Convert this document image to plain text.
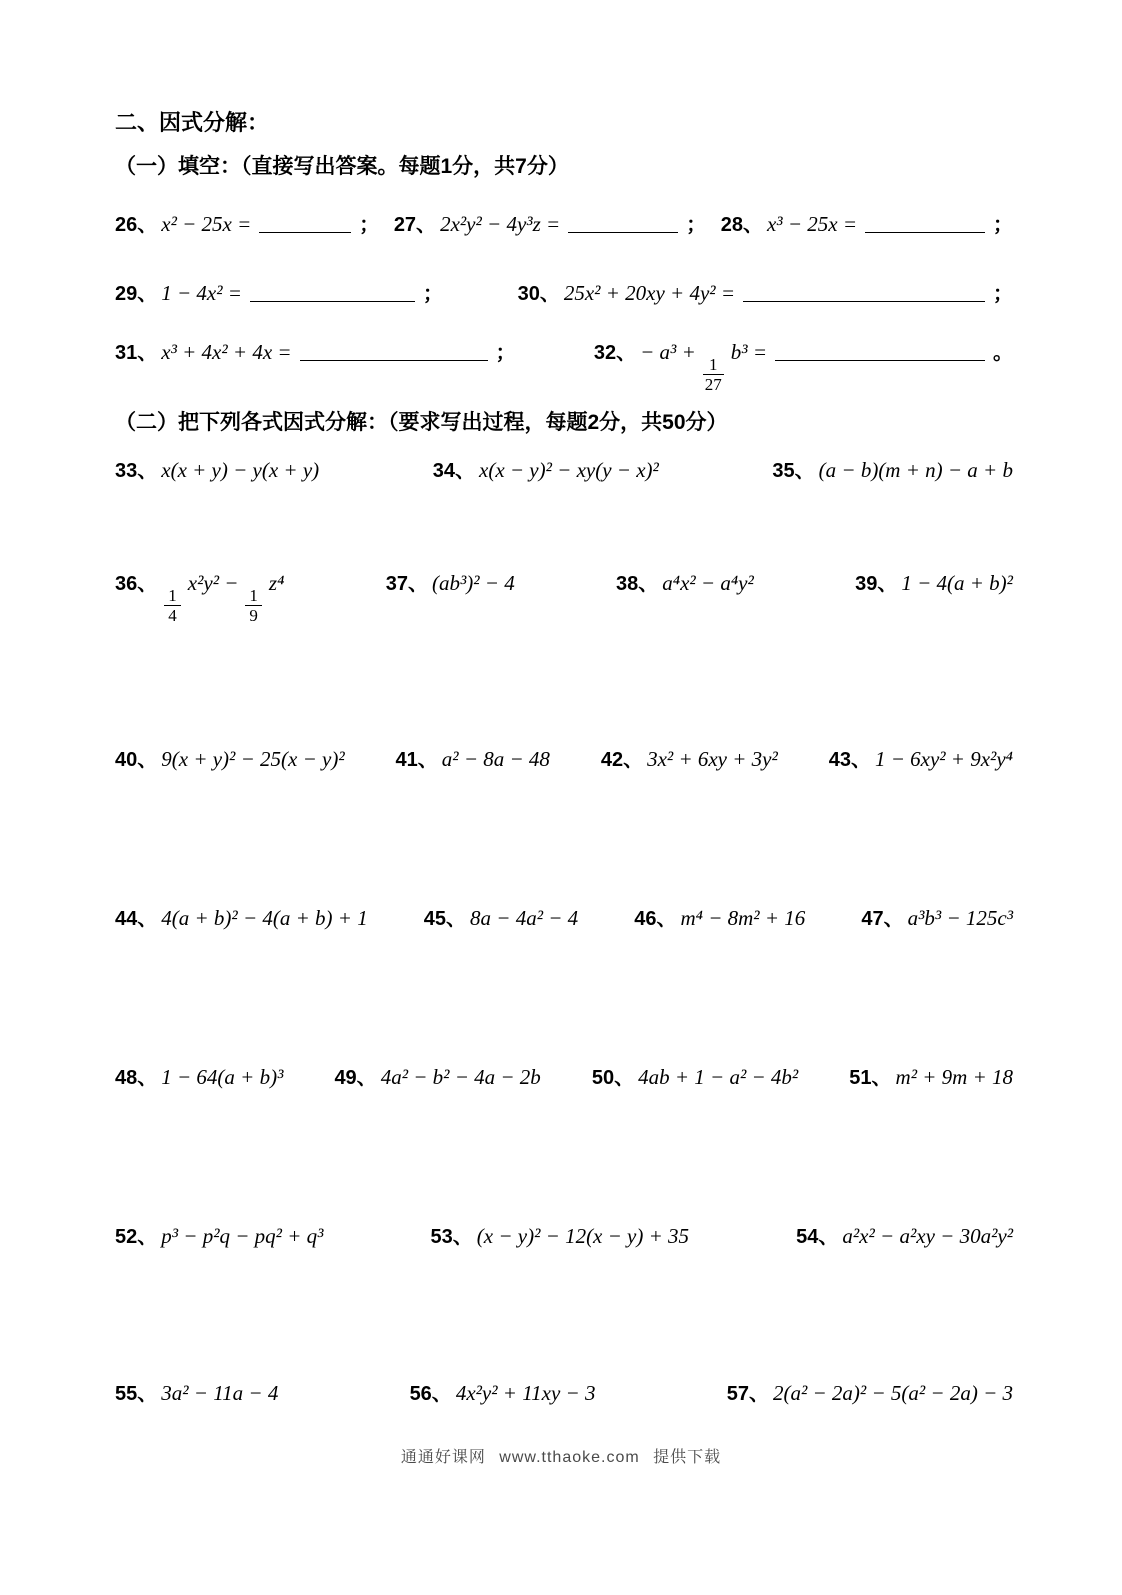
二、因式分解：
（一）填空：（直接写出答案。每题1分，共7分）
26、 x² − 25x =	； 27、 2x²y² − 4y³z =	； 28、 x³ − 25x =	；
29、 1 − 4x² =	；	30、 25x² + 20xy + 4y² =	；
31、 x³ + 4x² + 4x =	；	32、 − a³ +
$\frac{1}{27}$
b³ =	。
（二）把下列各式因式分解：（要求写出过程，每题2分，共50分）
33、 x(x + y) − y(x + y)	34、 x(x − y)² − xy(y − x)²	35、 (a − b)(m + n) − a + b
36、
$\frac{1}{4}$
x²y² −
$\frac{1}{9}$
z⁴	37、 (ab³)² − 4	38、 a⁴x² − a⁴y²	39、 1 − 4(a + b)²
40、 9(x + y)² − 25(x − y)²	41、 a² − 8a − 48	42、 3x² + 6xy + 3y²	43、 1 − 6xy² + 9x²y⁴
44、 4(a + b)² − 4(a + b) + 1	45、 8a − 4a² − 4	46、 m⁴ − 8m² + 16	47、 a³b³ − 125c³
48、 1 − 64(a + b)³	49、 4a² − b² − 4a − 2b	50、 4ab + 1 − a² − 4b²	51、 m² + 9m + 18
52、 p³ − p²q − pq² + q³	53、 (x − y)² − 12(x − y) + 35	54、 a²x² − a²xy − 30a²y²
55、 3a² − 11a − 4	56、 4x²y² + 11xy − 3	57、 2(a² − 2a)² − 5(a² − 2a) − 3
通通好课网 www.tthaoke.com 提供下载
